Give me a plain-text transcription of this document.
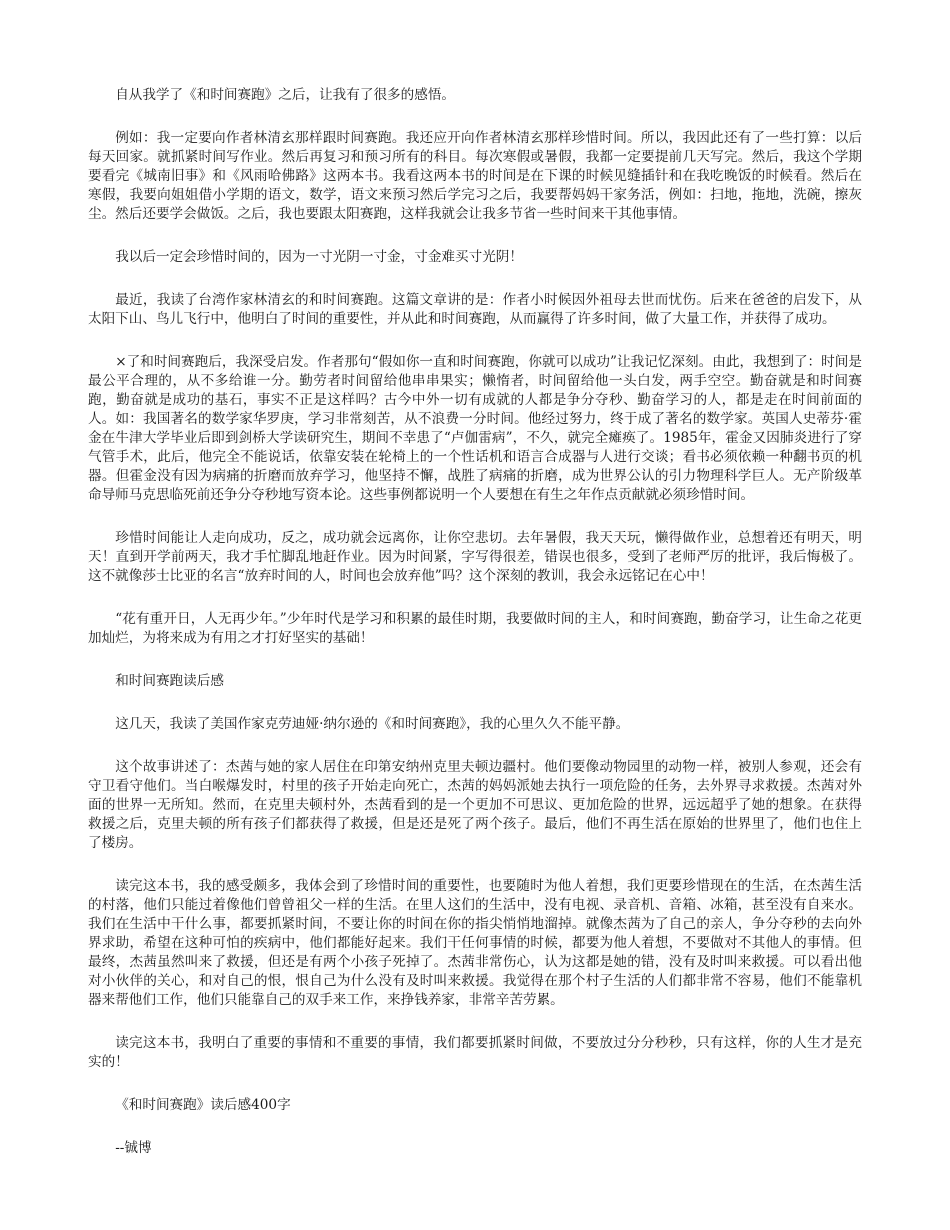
自从我学了《和时间赛跑》之后，让我有了很多的感悟。

例如：我一定要向作者林清玄那样跟时间赛跑。我还应开向作者林清玄那样珍惜时间。所以，我因此还有了一些打算：以后每天回家。就抓紧时间写作业。然后再复习和预习所有的科目。每次寒假或暑假，我都一定要提前几天写完。然后，我这个学期要看完《城南旧事》和《风雨哈佛路》这两本书。我看这两本书的时间是在下课的时候见缝插针和在我吃晚饭的时候看。然后在寒假，我要向姐姐借小学期的语文，数学，语文来预习然后学完习之后，我要帮妈妈干家务活，例如：扫地，拖地，洗碗，擦灰尘。然后还要学会做饭。之后，我也要跟太阳赛跑，这样我就会让我多节省一些时间来干其他事情。

我以后一定会珍惜时间的，因为一寸光阴一寸金，寸金难买寸光阴！

最近，我读了台湾作家林清玄的和时间赛跑。这篇文章讲的是：作者小时候因外祖母去世而忧伤。后来在爸爸的启发下，从太阳下山、鸟儿飞行中，他明白了时间的重要性，并从此和时间赛跑，从而赢得了许多时间，做了大量工作，并获得了成功。

×了和时间赛跑后，我深受启发。作者那句“假如你一直和时间赛跑，你就可以成功”让我记忆深刻。由此，我想到了：时间是最公平合理的，从不多给谁一分。勤劳者时间留给他串串果实；懒惰者，时间留给他一头白发，两手空空。勤奋就是和时间赛跑，勤奋就是成功的基石，事实不正是这样吗？古今中外一切有成就的人都是争分夺秒、勤奋学习的人，都是走在时间前面的人。如：我国著名的数学家华罗庚，学习非常刻苦，从不浪费一分时间。他经过努力，终于成了著名的数学家。英国人史蒂芬·霍金在牛津大学毕业后即到剑桥大学读研究生，期间不幸患了“卢伽雷病”，不久，就完全瘫痪了。1985年，霍金又因肺炎进行了穿气管手术，此后，他完全不能说话，依靠安装在轮椅上的一个性话机和语言合成器与人进行交谈；看书必须依赖一种翻书页的机器。但霍金没有因为病痛的折磨而放弃学习，他坚持不懈，战胜了病痛的折磨，成为世界公认的引力物理科学巨人。无产阶级革命导师马克思临死前还争分夺秒地写资本论。这些事例都说明一个人要想在有生之年作点贡献就必须珍惜时间。

珍惜时间能让人走向成功，反之，成功就会远离你，让你空悲切。去年暑假，我天天玩，懒得做作业，总想着还有明天，明天！直到开学前两天，我才手忙脚乱地赶作业。因为时间紧，字写得很差，错误也很多，受到了老师严厉的批评，我后悔极了。这不就像莎士比亚的名言“放弃时间的人，时间也会放弃他”吗？这个深刻的教训，我会永远铭记在心中！

“花有重开日，人无再少年。”少年时代是学习和积累的最佳时期，我要做时间的主人，和时间赛跑，勤奋学习，让生命之花更加灿烂，为将来成为有用之才打好坚实的基础！

和时间赛跑读后感

这几天，我读了美国作家克劳迪娅·纳尔逊的《和时间赛跑》，我的心里久久不能平静。

这个故事讲述了：杰茜与她的家人居住在印第安纳州克里夫顿边疆村。他们要像动物园里的动物一样，被别人参观，还会有守卫看守他们。当白喉爆发时，村里的孩子开始走向死亡，杰茜的妈妈派她去执行一项危险的任务，去外界寻求救援。杰茜对外面的世界一无所知。然而，在克里夫顿村外，杰茜看到的是一个更加不可思议、更加危险的世界，远远超乎了她的想象。在获得救援之后，克里夫顿的所有孩子们都获得了救援，但是还是死了两个孩子。最后，他们不再生活在原始的世界里了，他们也住上了楼房。

读完这本书，我的感受颇多，我体会到了珍惜时间的重要性，也要随时为他人着想，我们更要珍惜现在的生活，在杰茜生活的村落，他们只能过着像他们曾曾祖父一样的生活。在里人这们的生活中，没有电视、录音机、音箱、冰箱，甚至没有自来水。我们在生活中干什么事，都要抓紧时间，不要让你的时间在你的指尖悄悄地溜掉。就像杰茜为了自己的亲人，争分夺秒的去向外界求助，希望在这种可怕的疾病中，他们都能好起来。我们干任何事情的时候，都要为他人着想，不要做对不其他人的事情。但最终，杰茜虽然叫来了救援，但还是有两个小孩子死掉了。杰茜非常伤心，认为这都是她的错，没有及时叫来救援。可以看出他对小伙伴的关心，和对自己的恨，恨自己为什么没有及时叫来救援。我觉得在那个村子生活的人们都非常不容易，他们不能靠机器来帮他们工作，他们只能靠自己的双手来工作，来挣钱养家，非常辛苦劳累。

读完这本书，我明白了重要的事情和不重要的事情，我们都要抓紧时间做，不要放过分分秒秒，只有这样，你的人生才是充实的！

《和时间赛跑》读后感400字

--铖博
